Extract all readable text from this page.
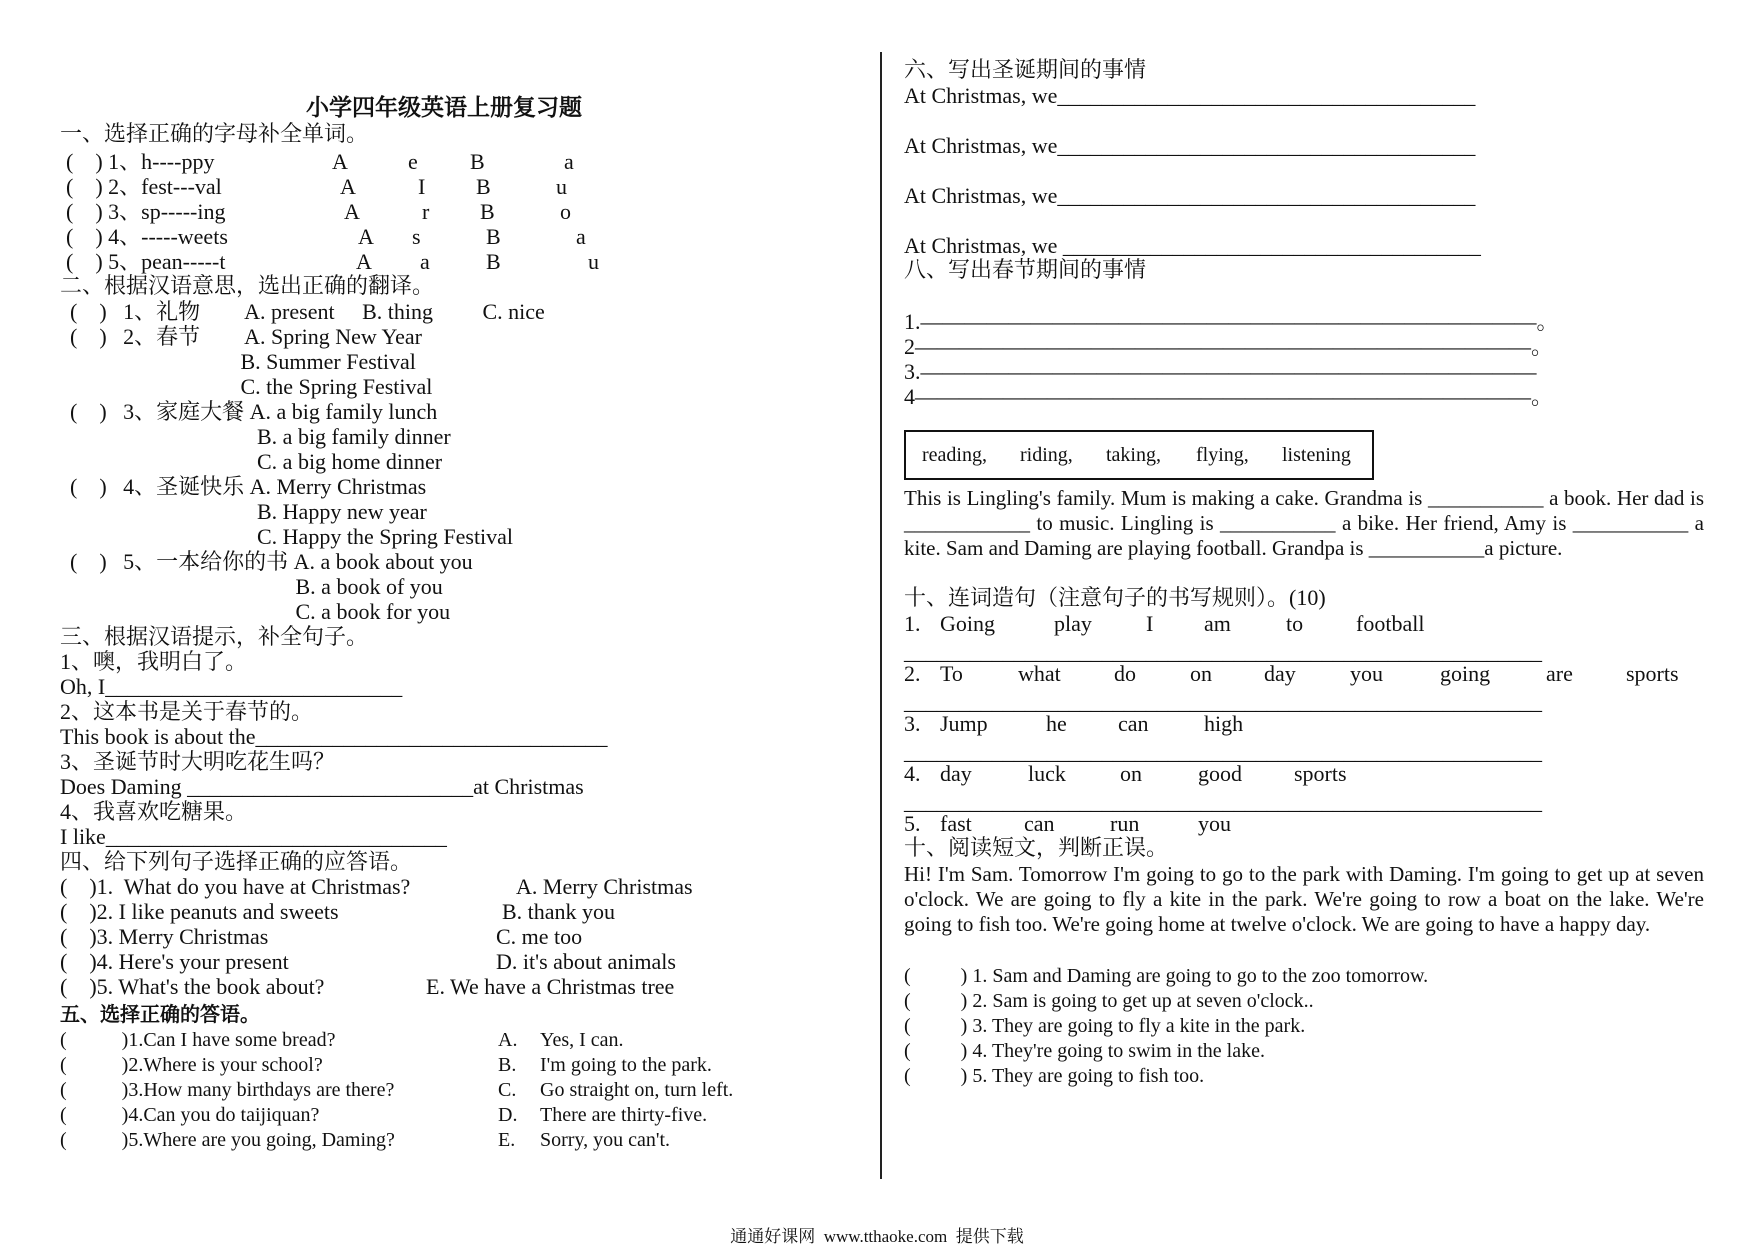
小学四年级英语上册复习题
一、选择正确的字母补全单词。
(    ) 1、h----ppy	A	e B	a
(    ) 2、fest---val	A	I B	u
(    ) 3、sp-----ing	A	r B	o
(    ) 4、-----weets	A s	B	a
(    ) 5、pean-----t	A a	B	u
二、根据汉语意思，选出正确的翻译。
(    )   1、礼物        A. present     B. thing         C. nice
(    )   2、春节        A. Spring New Year
B. Summer Festival
C. the Spring Festival
(    )   3、家庭大餐 A. a big family lunch
B. a big family dinner
C. a big home dinner
(    )   4、圣诞快乐 A. Merry Christmas
B. Happy new year
C. Happy the Spring Festival
(    )   5、一本给你的书 A. a book about you
B. a book of you
C. a book for you
三、根据汉语提示，补全句子。
1、噢，我明白了。
Oh, I___________________________
2、这本书是关于春节的。
This book is about the________________________________
3、圣诞节时大明吃花生吗？
Does Daming __________________________at Christmas
4、我喜欢吃糖果。
I like_______________________________
四、给下列句子选择正确的应答语。
(    )1.  What do you have at Christmas?	A. Merry Christmas
(    )2. I like peanuts and sweets	B. thank you
(    )3. Merry Christmas	C. me too
(    )4. Here's your present	D. it's about animals
(    )5. What's the book about?	E. We have a Christmas tree
五、选择正确的答语。
(           )1.Can I have some bread?	A. Yes, I can.
(           )2.Where is your school?	B. I'm going to the park.
(           )3.How many birthdays are there?	C. Go straight on, turn left.
(           )4.Can you do taijiquan?	D. There are thirty-five.
(           )5.Where are you going, Daming?	E. Sorry, you can't.
六、写出圣诞期间的事情
At Christmas, we______________________________________
At Christmas, we______________________________________
At Christmas, we______________________________________
At Christmas, we ______________________________________
八、写出春节期间的事情
1.————————————————————————————。
2————————————————————————————。
3.————————————————————————————
4————————————————————————————。
reading, riding, taking, flying, listening
This is Lingling's family. Mum is making a cake. Grandma is ___________ a book. Her dad is ____________ to music. Lingling is ___________ a bike. Her friend, Amy is ___________ a kite. Sam and Daming are playing football. Grandpa is ___________a picture.
十、连词造句（注意句子的书写规则）。(10)
1. Going	play I am	to football
__________________________________________________________
2. To	what do on day you	going	are sports
__________________________________________________________
3. Jump	he can	high
__________________________________________________________
4. day	luck on	good sports
__________________________________________________________
5. fast can	run	you
十、阅读短文，判断正误。
Hi! I'm Sam. Tomorrow I'm going to go to the park with Daming. I'm going to get up at seven o'clock. We are going to fly a kite in the park. We're going to row a boat on the lake. We're going to fish too. We're going home at twelve o'clock. We are going to have a happy day.
(          ) 1. Sam and Daming are going to go to the zoo tomorrow.
(          ) 2. Sam is going to get up at seven o'clock..
(          ) 3. They are going to fly a kite in the park.
(          ) 4. They're going to swim in the lake.
(          ) 5. They are going to fish too.
通通好课网  www.tthaoke.com  提供下载
